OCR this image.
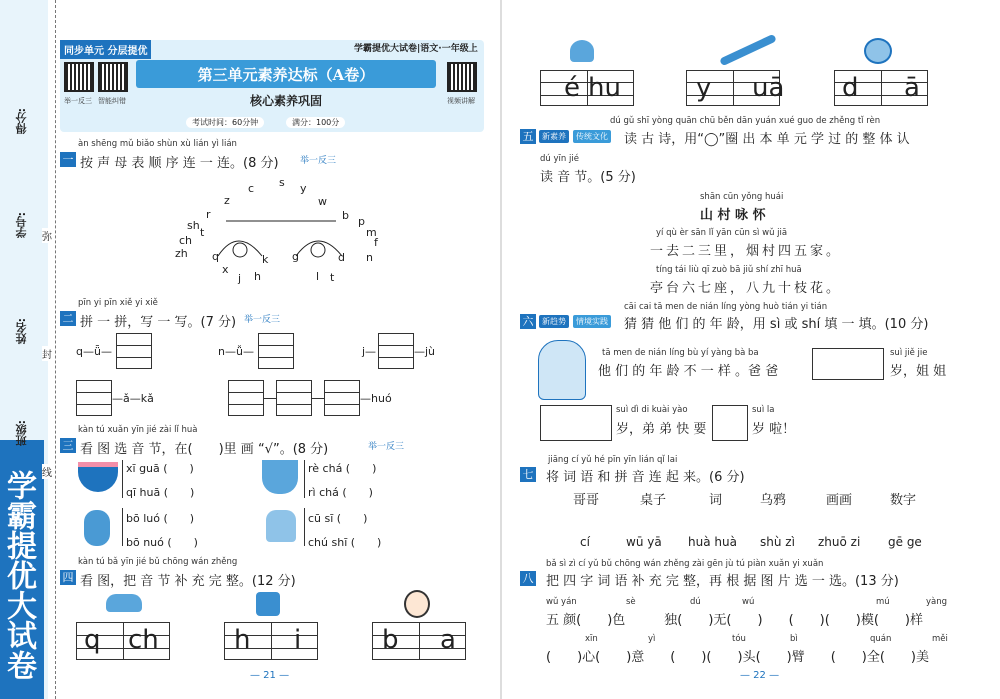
学霸提优大试卷
得分:
学号:
姓名:
班级:
弥
封
线
同步单元 分层提优
举一反三 智能纠错	视频讲解
第三单元素养达标（A卷）
核心素养巩固
考试时间：60分钟	满分：100分
àn shēng mǔ biǎo shùn xù lián yì lián
一 按 声 母 表 顺 序 连 一 连。(8 分) 举一反三
s
c	y
z	w
r	b p
sh
t	m
ch	f
zh	n
q	k g	d
x
j h	l t
pīn yi pīn xiě yi xiě
二 拼 一 拼，写 一 写。(7 分) 举一反三
q—ǖ—	n—ǚ—	j—	—jù
—ǎ—kǎ	—huó
kàn tú xuǎn yīn jié zài lǐ huà
三 看 图 选 音 节，在(　　)里 画 “√”。(8 分)	举一反三
xī guā (　　)
qī huā (　　)
rè chá (　　)
rì chá (　　)
bō luó (　　)
bō nuó (　　)
cū sī (　　)
chú shī (　　)
kàn tú bǎ yīn jié bǔ chōng wán zhěng
四 看 图，把 音 节 补 充 完 整。(12 分)
q ch	h i	b a
— 21 —
学霸提优大试卷|语文·一年级上
é hu	y uā d ā
dú gǔ shī yòng quān chū běn dān yuán xué guo de zhěng tǐ rèn
五	新素养	传统文化 读 古 诗，用“◯”圈 出 本 单 元 学 过 的 整 体 认
dú yīn jié
读 音 节。(5 分)
shān cūn yǒng huái
山 村 咏 怀
yí qù èr sān lǐ yān cūn sì wǔ jiā
一去二三里，烟村四五家。
tíng tái liù qī zuò bā jiǔ shí zhī huā
亭台六七座，八九十枝花。
cāi cai tā men de nián líng yòng huò tián yi tián
六	新趋势	情境实践 猜 猜 他 们 的 年 龄，用 sì 或 shí 填 一 填。(10 分)
tā men de nián líng bù yí yàng bà ba
他 们 的 年 龄 不 一 样 。爸 爸
suì jiě jie
岁，姐 姐
suì dì di kuài yào
岁，弟 弟 快 要
suì la
岁 啦！
jiāng cí yǔ hé pīn yīn lián qǐ lai
七 将 词 语 和 拼 音 连 起 来。(6 分)
哥哥	桌子	词	乌鸦	画画	数字
cí	wū yā huà huà shù zì zhuō zi gē ge
bǎ sì zì cí yǔ bǔ chōng wán zhěng zài gēn jù tú piàn xuǎn yi xuǎn
八 把 四 字 词 语 补 充 完 整，再 根 据 图 片 选 一 选。(13 分)
wǔ yán	sè	dú	wú	mú	yàng
五 颜(　　)色　　　独(　　)无(　　)　　(　　)(　　)模(　　)样
xīn	yì	tóu	bì	quán	měi
(　　)心(　　)意　　(　　)(　　)头(　　)臂　　(　　)全(　　)美
— 22 —
